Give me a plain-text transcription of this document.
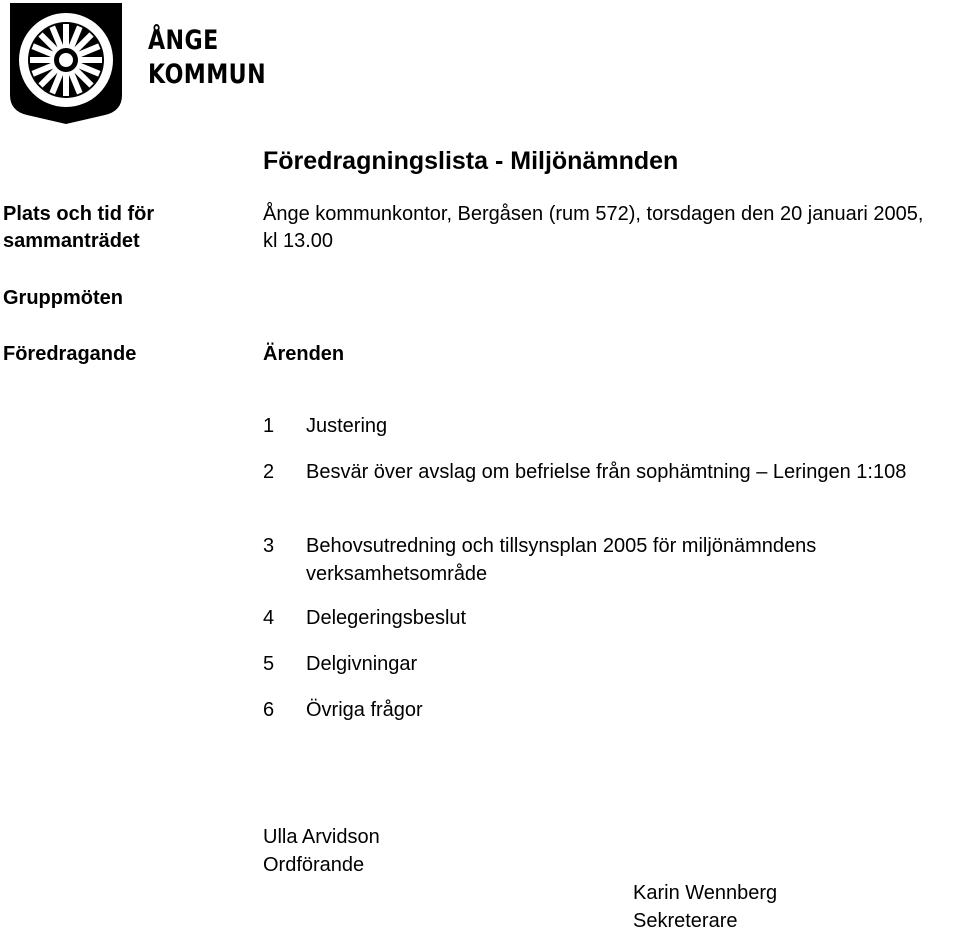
ÅNGE
KOMMUN
Föredragningslista - Miljönämnden
Plats och tid för sammanträdet
Ånge kommunkontor, Bergåsen (rum 572), torsdagen den 20 januari 2005, kl 13.00
Gruppmöten
Föredragande	Ärenden
1	Justering
2	Besvär över avslag om befrielse från sophämtning – Leringen 1:108
3	Behovsutredning och tillsynsplan 2005 för miljönämndens verksamhetsområde
4	Delegeringsbeslut
5	Delgivningar
6	Övriga frågor
Ulla Arvidson
Ordförande
Karin Wennberg
Sekreterare
